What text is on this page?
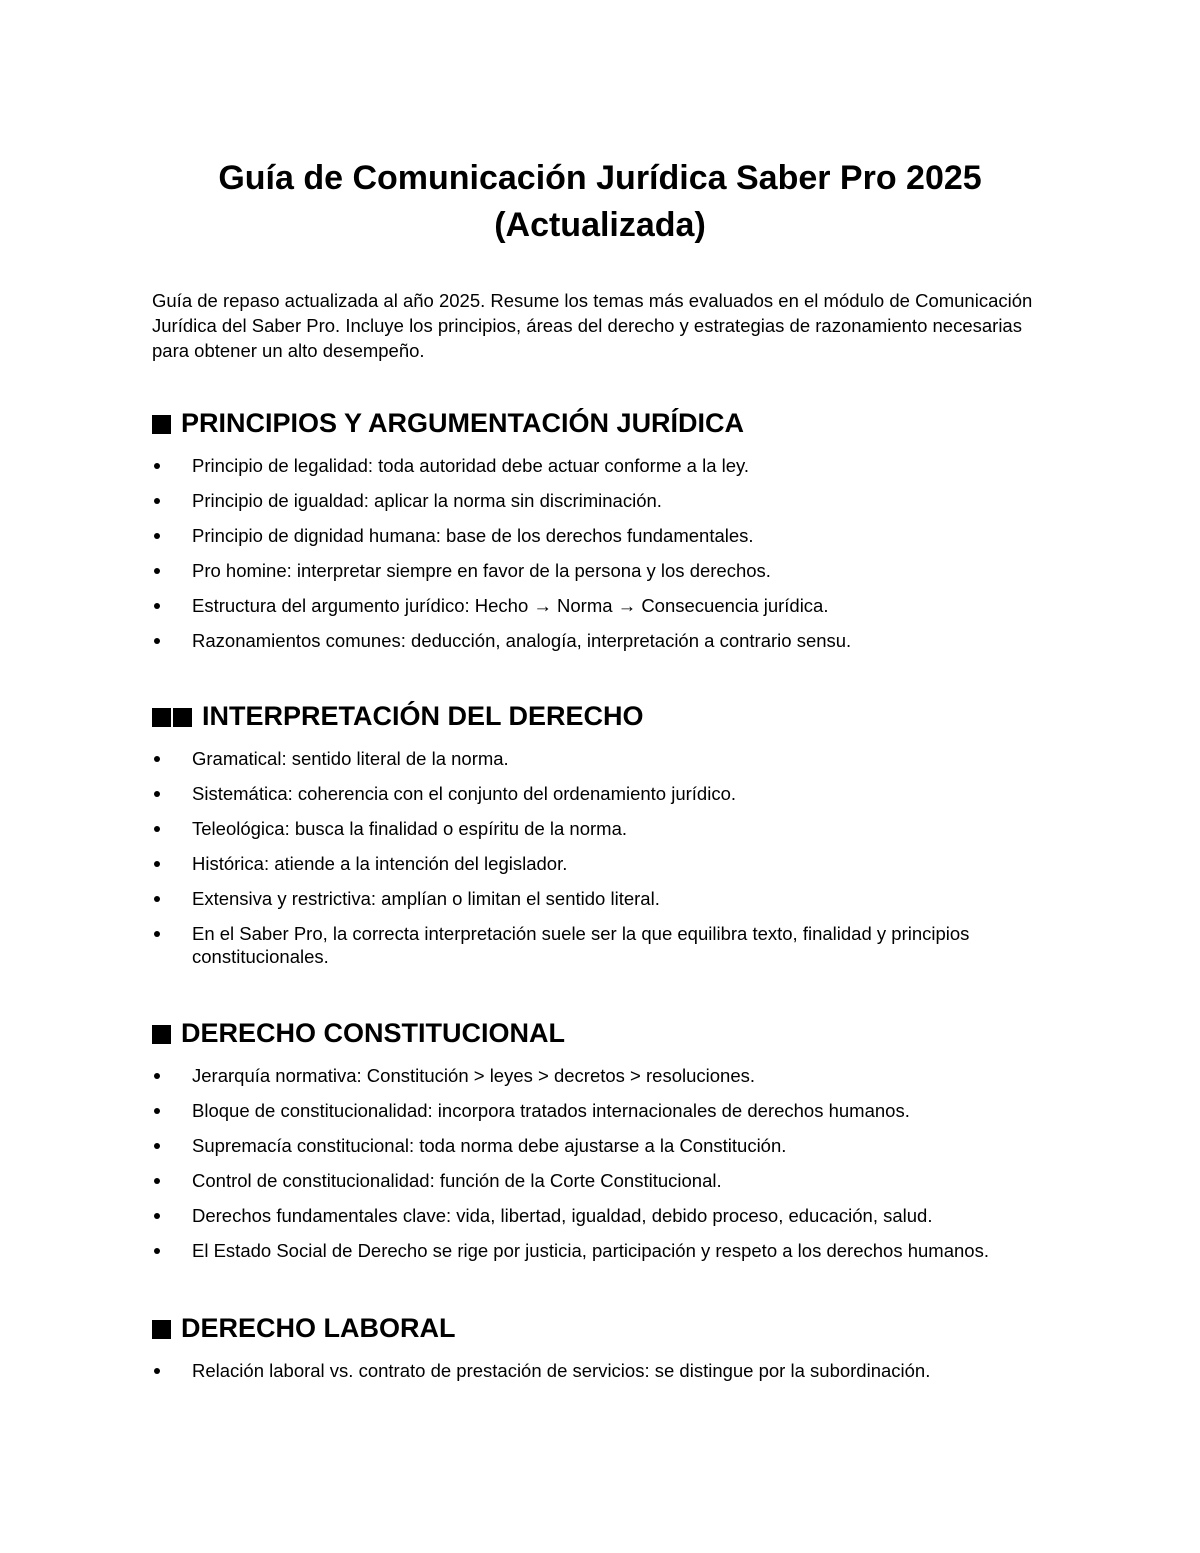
Guía de Comunicación Jurídica Saber Pro 2025
(Actualizada)

Guía de repaso actualizada al año 2025. Resume los temas más evaluados en el módulo de Comunicación Jurídica del Saber Pro. Incluye los principios, áreas del derecho y estrategias de razonamiento necesarias para obtener un alto desempeño.

PRINCIPIOS Y ARGUMENTACIÓN JURÍDICA
Principio de legalidad: toda autoridad debe actuar conforme a la ley.
Principio de igualdad: aplicar la norma sin discriminación.
Principio de dignidad humana: base de los derechos fundamentales.
Pro homine: interpretar siempre en favor de la persona y los derechos.
Estructura del argumento jurídico: Hecho → Norma → Consecuencia jurídica.
Razonamientos comunes: deducción, analogía, interpretación a contrario sensu.
INTERPRETACIÓN DEL DERECHO
Gramatical: sentido literal de la norma.
Sistemática: coherencia con el conjunto del ordenamiento jurídico.
Teleológica: busca la finalidad o espíritu de la norma.
Histórica: atiende a la intención del legislador.
Extensiva y restrictiva: amplían o limitan el sentido literal.
En el Saber Pro, la correcta interpretación suele ser la que equilibra texto, finalidad y principios constitucionales.
DERECHO CONSTITUCIONAL
Jerarquía normativa: Constitución > leyes > decretos > resoluciones.
Bloque de constitucionalidad: incorpora tratados internacionales de derechos humanos.
Supremacía constitucional: toda norma debe ajustarse a la Constitución.
Control de constitucionalidad: función de la Corte Constitucional.
Derechos fundamentales clave: vida, libertad, igualdad, debido proceso, educación, salud.
El Estado Social de Derecho se rige por justicia, participación y respeto a los derechos humanos.
DERECHO LABORAL
Relación laboral vs. contrato de prestación de servicios: se distingue por la subordinación.
